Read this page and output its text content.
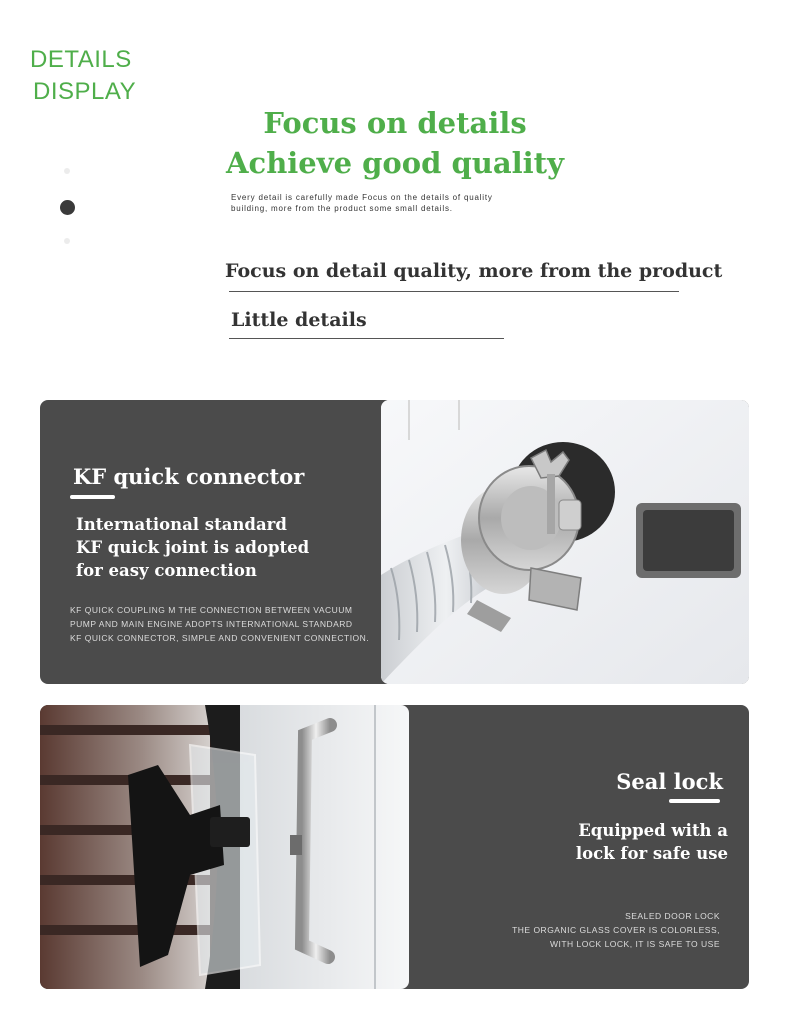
DETAILS
DISPLAY
Focus on details
Achieve good quality
Every detail is carefully made Focus on the details of quality
building, more from the product some small details.
Focus on detail quality, more from the product
Little details
KF quick connector
International standard
KF quick joint is adopted
for easy connection
KF QUICK COUPLING M THE CONNECTION BETWEEN VACUUM
PUMP AND MAIN ENGINE ADOPTS INTERNATIONAL STANDARD
KF QUICK CONNECTOR, SIMPLE AND CONVENIENT CONNECTION.
Seal lock
Equipped with a
lock for safe use
SEALED DOOR LOCK
THE ORGANIC GLASS COVER IS COLORLESS,
WITH LOCK LOCK, IT IS SAFE TO USE
